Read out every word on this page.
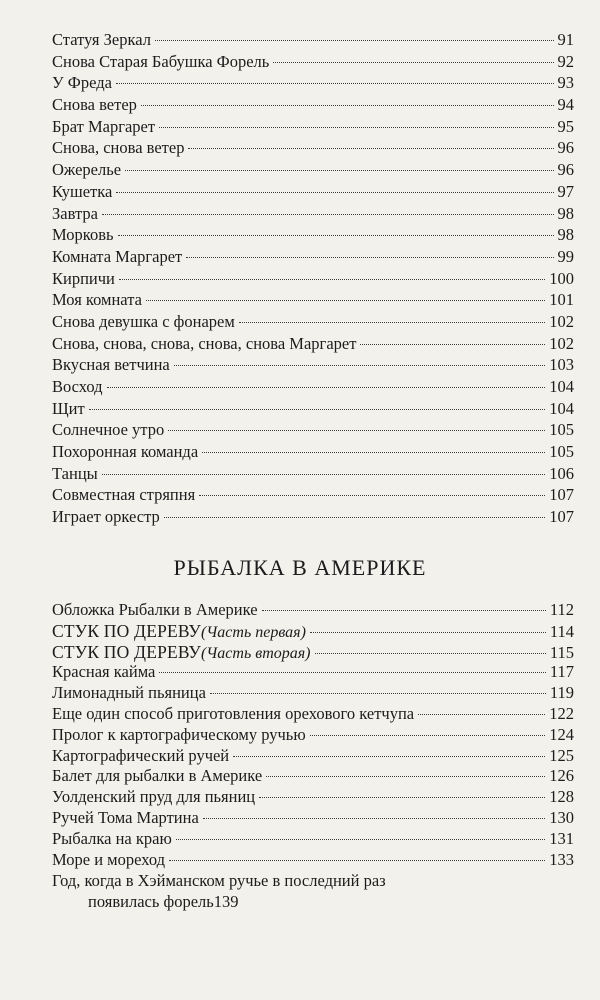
Статуя Зеркал	91
Снова Старая Бабушка Форель	92
У Фреда	93
Снова ветер	94
Брат Маргарет	95
Снова, снова ветер	96
Ожерелье	96
Кушетка	97
Завтра	98
Морковь	98
Комната Маргарет	99
Кирпичи	100
Моя комната	101
Снова девушка с фонарем	102
Снова, снова, снова, снова, снова Маргарет	102
Вкусная ветчина	103
Восход	104
Щит	104
Солнечное утро	105
Похоронная команда	105
Танцы	106
Совместная стряпня	107
Играет оркестр	107
РЫБАЛКА В АМЕРИКЕ
Обложка Рыбалки в Америке	112
СТУК ПО ДЕРЕВУ(Часть первая)	114
СТУК ПО ДЕРЕВУ(Часть вторая)	115
Красная кайма	117
Лимонадный пьяница	119
Еще один способ приготовления орехового кетчупа	122
Пролог к картографическому ручью	124
Картографический ручей	125
Балет для рыбалки в Америке	126
Уолденский пруд для пьяниц	128
Ручей Тома Мартина	130
Рыбалка на краю	131
Море и мореход	133
Год, когда в Хэйманском ручье в последний раз
появилась форель 139
